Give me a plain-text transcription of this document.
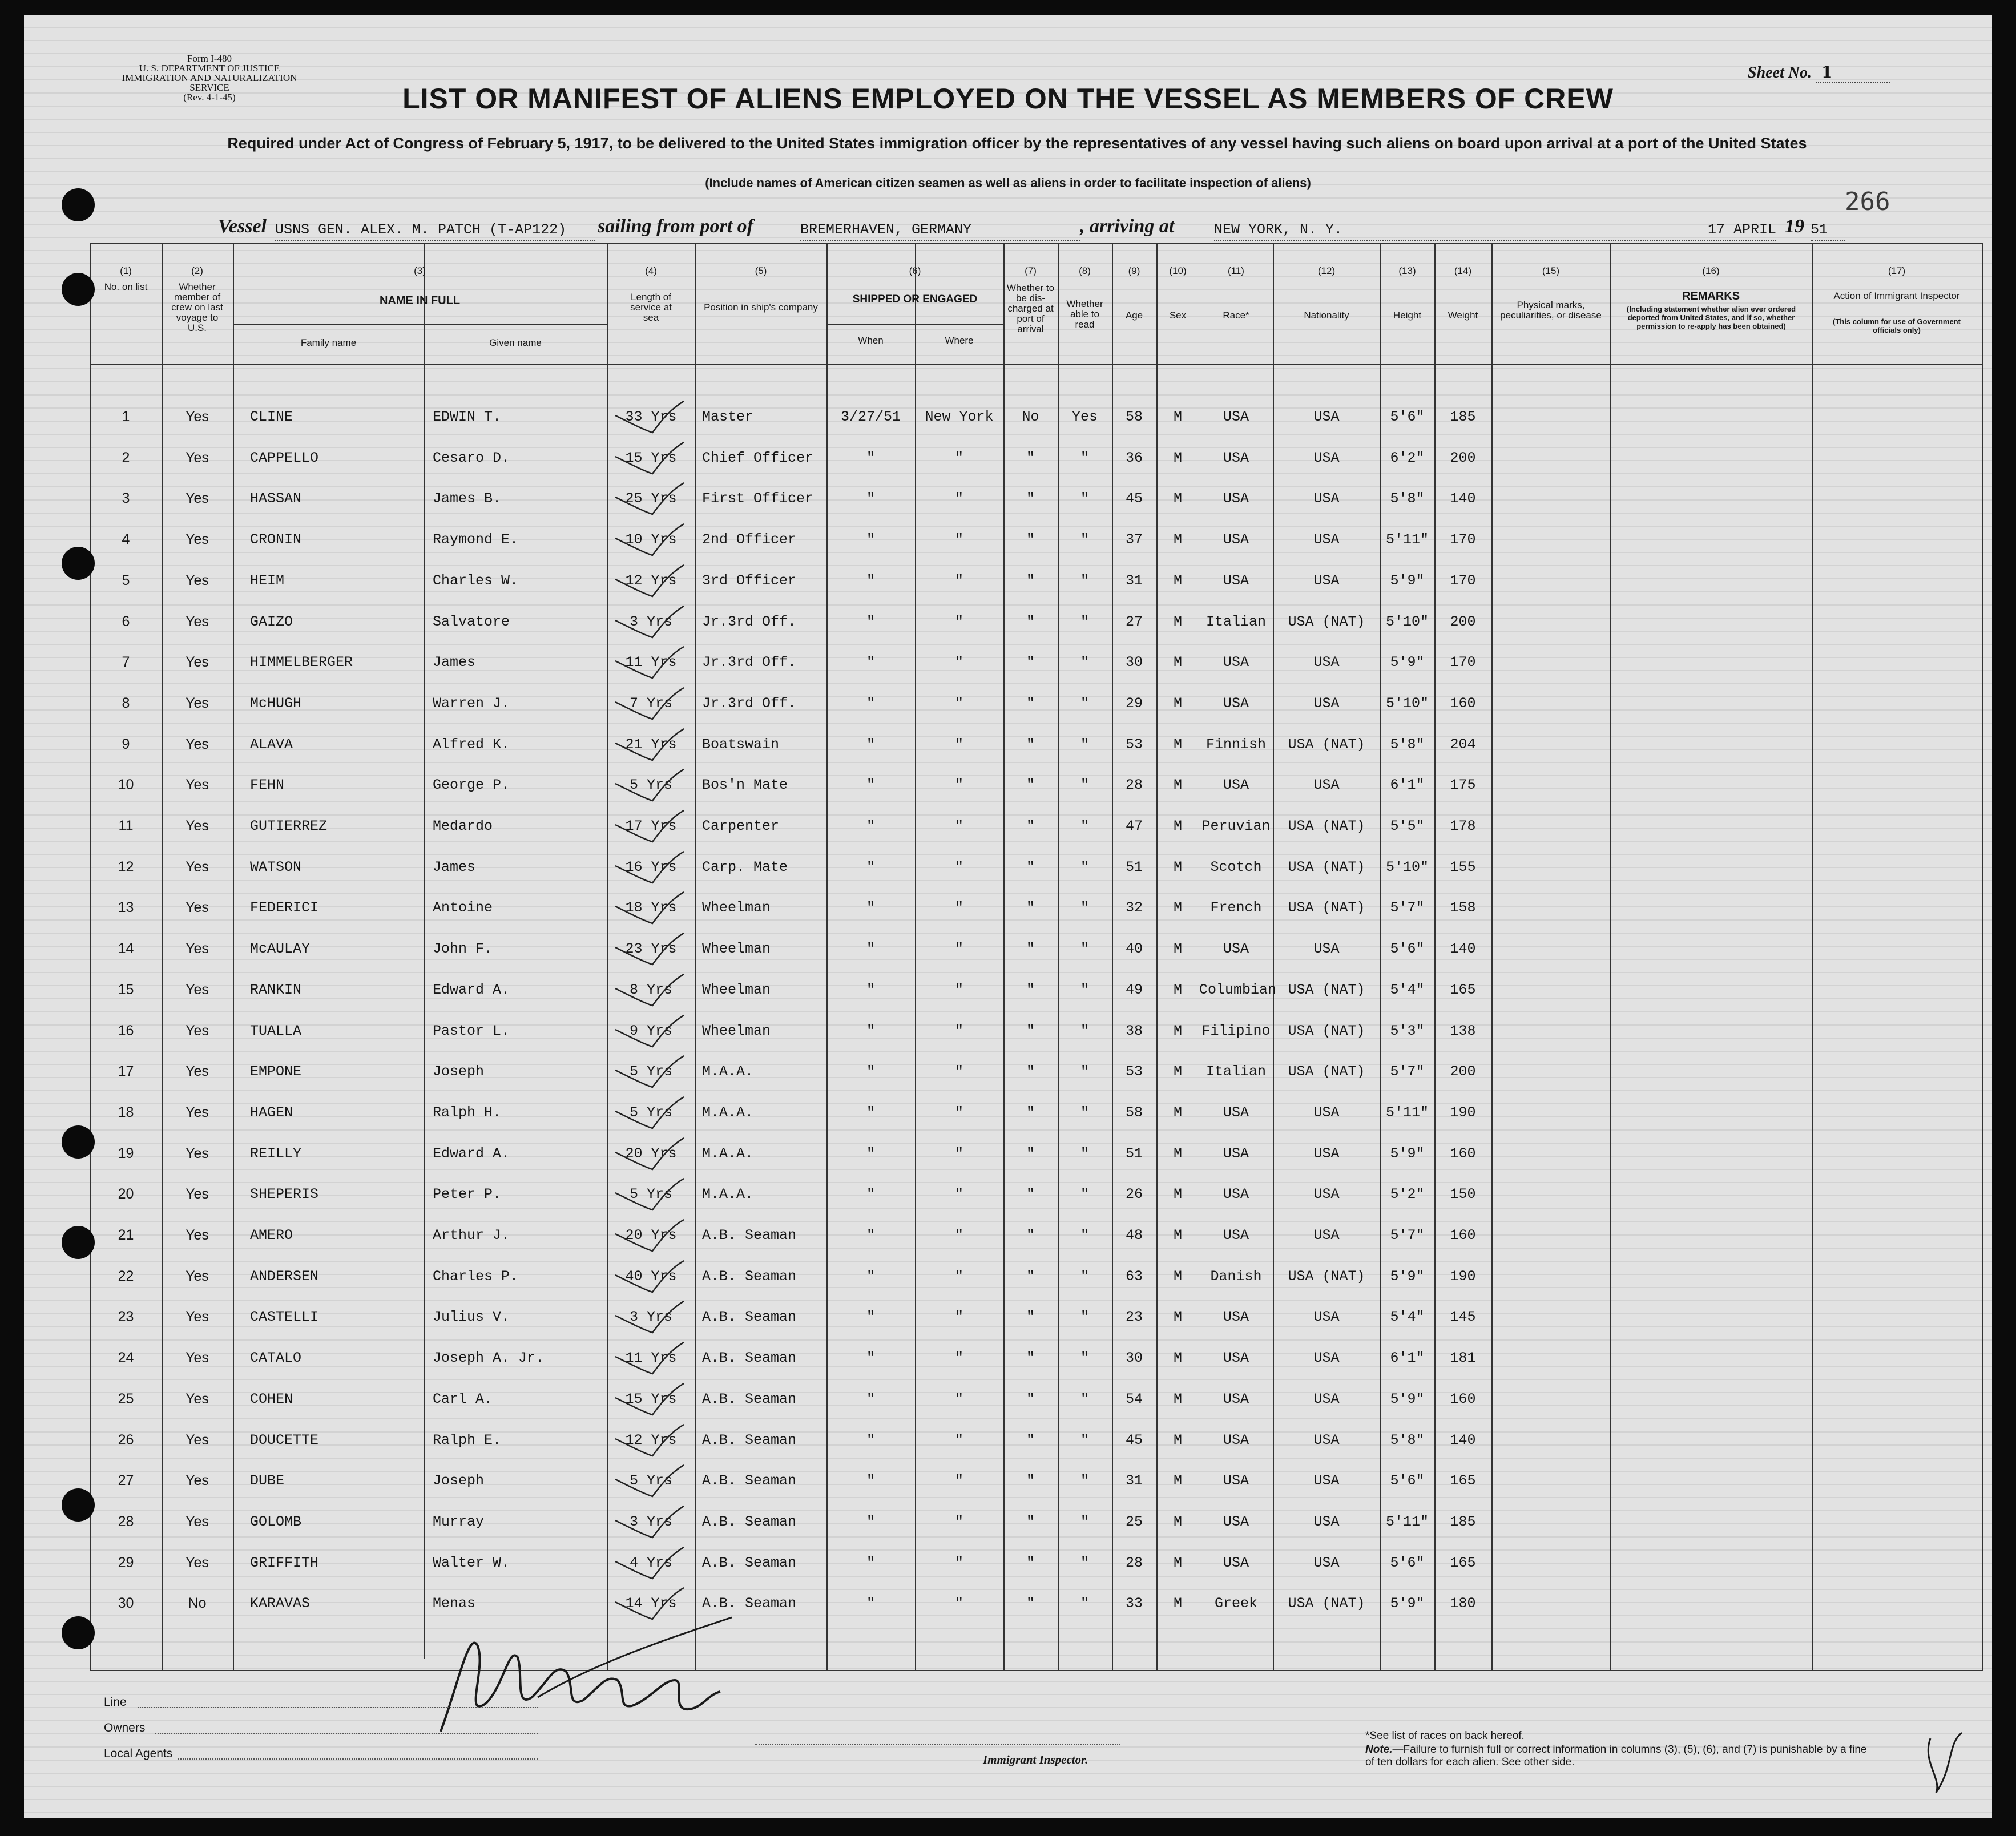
Form I-480
U. S. DEPARTMENT OF JUSTICE
IMMIGRATION AND NATURALIZATION SERVICE
(Rev. 4-1-45)
Sheet No. 1
266
LIST OR MANIFEST OF ALIENS EMPLOYED ON THE VESSEL AS MEMBERS OF CREW
Required under Act of Congress of February 5, 1917, to be delivered to the United States immigration officer by the representatives of any vessel having such aliens on board upon arrival at a port of the United States
(Include names of American citizen seamen as well as aliens in order to facilitate inspection of aliens)
Vessel USNS GEN. ALEX. M. PATCH (T-AP122)	sailing from port of	BREMERHAVEN, GERMANY	, arriving at	NEW YORK, N. Y.	17 APRIL 19 51
(1)	(2)	(3)	(4)	(5)	(6)	(7)	(8)	(9)	(10)	(11)	(12)	(13)	(14)	(15)	(16)	(17)
No. on list	Whether member of crew on last voyage to U.S.
NAME IN FULL
Family name	Given name
Length of service at sea
Position in ship's company
SHIPPED OR ENGAGED
When	Where
Whether to be dis-charged at port of arrival
Whether able to read
Age	Sex	Race*	Nationality	Height	Weight
Physical marks, peculiarities, or disease
REMARKS
(Including statement whether alien ever ordered deported from United States, and if so, whether permission to re-apply has been obtained)
Action of Immigrant Inspector
(This column for use of Government officials only)
1	Yes	CLINE	EDWIN T.	33 Yrs	Master	3/27/51	New York	No	Yes	58	M	USA	USA	5'6"	185
2	Yes	CAPPELLO	Cesaro D.	15 Yrs	Chief Officer	"	"	"	"	36	M	USA	USA	6'2"	200
3	Yes	HASSAN	James B.	25 Yrs	First Officer	"	"	"	"	45	M	USA	USA	5'8"	140
4	Yes	CRONIN	Raymond E.	10 Yrs	2nd Officer	"	"	"	"	37	M	USA	USA	5'11"	170
5	Yes	HEIM	Charles W.	12 Yrs	3rd Officer	"	"	"	"	31	M	USA	USA	5'9"	170
6	Yes	GAIZO	Salvatore	3 Yrs	Jr.3rd Off.	"	"	"	"	27	M	Italian	USA (NAT)	5'10"	200
7	Yes	HIMMELBERGER	James	11 Yrs	Jr.3rd Off.	"	"	"	"	30	M	USA	USA	5'9"	170
8	Yes	McHUGH	Warren J.	7 Yrs	Jr.3rd Off.	"	"	"	"	29	M	USA	USA	5'10"	160
9	Yes	ALAVA	Alfred K.	21 Yrs	Boatswain	"	"	"	"	53	M	Finnish	USA (NAT)	5'8"	204
10	Yes	FEHN	George P.	5 Yrs	Bos'n Mate	"	"	"	"	28	M	USA	USA	6'1"	175
11	Yes	GUTIERREZ	Medardo	17 Yrs	Carpenter	"	"	"	"	47	M	Peruvian	USA (NAT)	5'5"	178
12	Yes	WATSON	James	16 Yrs	Carp. Mate	"	"	"	"	51	M	Scotch	USA (NAT)	5'10"	155
13	Yes	FEDERICI	Antoine	18 Yrs	Wheelman	"	"	"	"	32	M	French	USA (NAT)	5'7"	158
14	Yes	McAULAY	John F.	23 Yrs	Wheelman	"	"	"	"	40	M	USA	USA	5'6"	140
15	Yes	RANKIN	Edward A.	8 Yrs	Wheelman	"	"	"	"	49	M	Columbian USA (NAT)	5'4"	165
16	Yes	TUALLA	Pastor L.	9 Yrs	Wheelman	"	"	"	"	38	M	Filipino	USA (NAT)	5'3"	138
17	Yes	EMPONE	Joseph	5 Yrs	M.A.A.	"	"	"	"	53	M	Italian	USA (NAT)	5'7"	200
18	Yes	HAGEN	Ralph H.	5 Yrs	M.A.A.	"	"	"	"	58	M	USA	USA	5'11"	190
19	Yes	REILLY	Edward A.	20 Yrs	M.A.A.	"	"	"	"	51	M	USA	USA	5'9"	160
20	Yes	SHEPERIS	Peter P.	5 Yrs	M.A.A.	"	"	"	"	26	M	USA	USA	5'2"	150
21	Yes	AMERO	Arthur J.	20 Yrs	A.B. Seaman	"	"	"	"	48	M	USA	USA	5'7"	160
22	Yes	ANDERSEN	Charles P.	40 Yrs	A.B. Seaman	"	"	"	"	63	M	Danish	USA (NAT)	5'9"	190
23	Yes	CASTELLI	Julius V.	3 Yrs	A.B. Seaman	"	"	"	"	23	M	USA	USA	5'4"	145
24	Yes	CATALO	Joseph A. Jr.	11 Yrs	A.B. Seaman	"	"	"	"	30	M	USA	USA	6'1"	181
25	Yes	COHEN	Carl A.	15 Yrs	A.B. Seaman	"	"	"	"	54	M	USA	USA	5'9"	160
26	Yes	DOUCETTE	Ralph E.	12 Yrs	A.B. Seaman	"	"	"	"	45	M	USA	USA	5'8"	140
27	Yes	DUBE	Joseph	5 Yrs	A.B. Seaman	"	"	"	"	31	M	USA	USA	5'6"	165
28	Yes	GOLOMB	Murray	3 Yrs	A.B. Seaman	"	"	"	"	25	M	USA	USA	5'11"	185
29	Yes	GRIFFITH	Walter W.	4 Yrs	A.B. Seaman	"	"	"	"	28	M	USA	USA	5'6"	165
30	No	KARAVAS	Menas	14 Yrs	A.B. Seaman	"	"	"	"	33	M	Greek	USA (NAT)	5'9"	180
Line
Owners
Local Agents	Immigrant Inspector.
*See list of races on back hereof.
Note.—Failure to furnish full or correct information in columns (3), (5), (6), and (7) is punishable by a fine of ten dollars for each alien. See other side.
